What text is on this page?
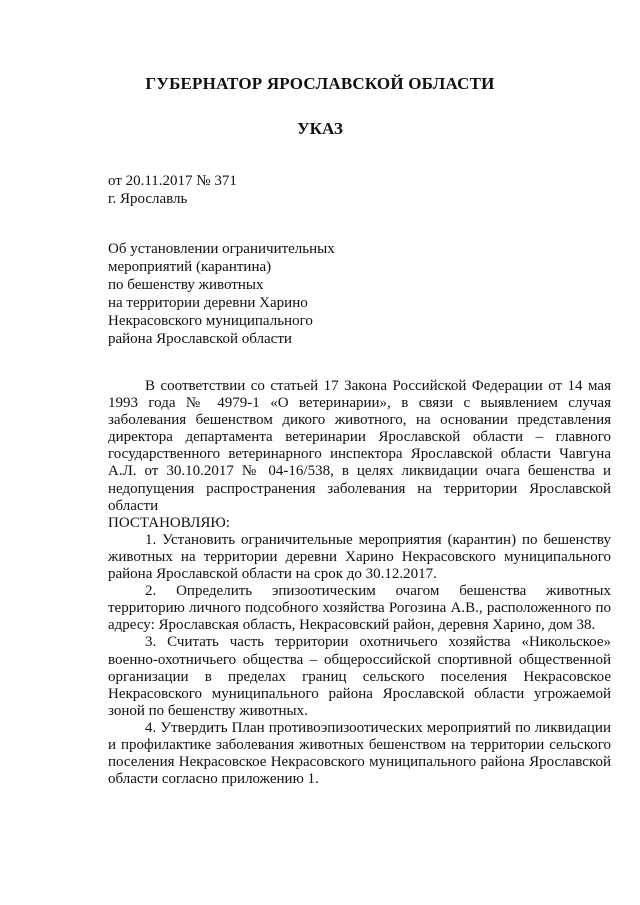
ГУБЕРНАТОР ЯРОСЛАВСКОЙ ОБЛАСТИ
УКАЗ
от 20.11.2017 № 371
г. Ярославль
Об установлении ограничительных
мероприятий (карантина)
по бешенству животных
на территории деревни Харино
Некрасовского муниципального
района Ярославской области

В соответствии со статьей 17 Закона Российской Федерации от 14 мая 1993 года № 4979-1 «О ветеринарии», в связи с выявлением случая заболевания бешенством дикого животного, на основании представления директора департамента ветеринарии Ярославской области – главного государственного ветеринарного инспектора Ярославской области Чавгуна А.Л. от 30.10.2017 № 04-16/538, в целях ликвидации очага бешенства и недопущения распространения заболевания на территории Ярославской области

ПОСТАНОВЛЯЮ:

1. Установить ограничительные мероприятия (карантин) по бешенству животных на территории деревни Харино Некрасовского муниципального района Ярославской области на срок до 30.12.2017.

2. Определить эпизоотическим очагом бешенства животных территорию личного подсобного хозяйства Рогозина А.В., расположенного по адресу: Ярославская область, Некрасовский район, деревня Харино, дом 38.

3. Считать часть территории охотничьего хозяйства «Никольское» военно-охотничьего общества – общероссийской спортивной общественной организации в пределах границ сельского поселения Некрасовское Некрасовского муниципального района Ярославской области угрожаемой зоной по бешенству животных.

4. Утвердить План противоэпизоотических мероприятий по ликвидации и профилактике заболевания животных бешенством на территории сельского поселения Некрасовское Некрасовского муниципального района Ярославской области согласно приложению 1.
